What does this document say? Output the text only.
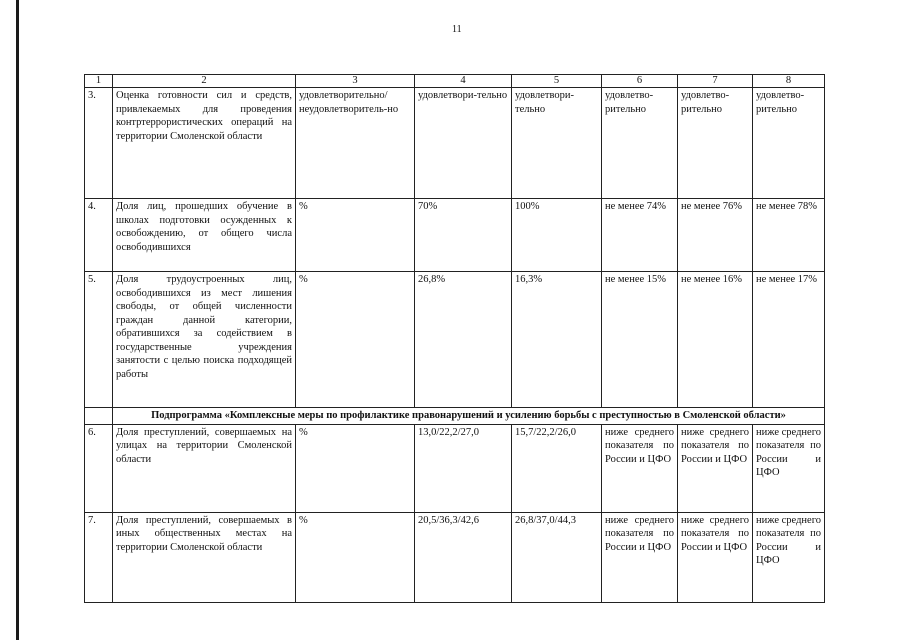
11
1	2	3	4	5	6	7	8
3.	Оценка готовности сил и средств, привлекаемых для проведения контртеррористических операций на территории Смоленской области	удовлетворительно/ неудовлетворитель-но	удовлетвори-тельно	удовлетвори-тельно	удовлетво-рительно	удовлетво-рительно	удовлетво-рительно
4.	Доля лиц, прошедших обучение в школах подготовки осужденных к освобождению, от общего числа освободившихся	%	70%	100%	не менее 74%	не менее 76%	не менее 78%
5.	Доля трудоустроенных лиц, освободившихся из мест лишения свободы, от общей численности граждан данной категории, обратившихся за содействием в государственные учреждения занятости с целью поиска подходящей работы	%	26,8%	16,3%	не менее 15%	не менее 16%	не менее 17%
	Подпрограмма «Комплексные меры по профилактике правонарушений и усилению борьбы с преступностью в Смоленской области»						
6.	Доля преступлений, совершаемых на улицах на территории Смоленской области	%	13,0/22,2/27,0	15,7/22,2/26,0	ниже среднего показателя по России и ЦФО	ниже среднего показателя по России и ЦФО	ниже среднего показателя по России и ЦФО
7.	Доля преступлений, совершаемых в иных общественных местах на территории Смоленской области	%	20,5/36,3/42,6	26,8/37,0/44,3	ниже среднего показателя по России и ЦФО	ниже среднего показателя по России и ЦФО	ниже среднего показателя по России и ЦФО
